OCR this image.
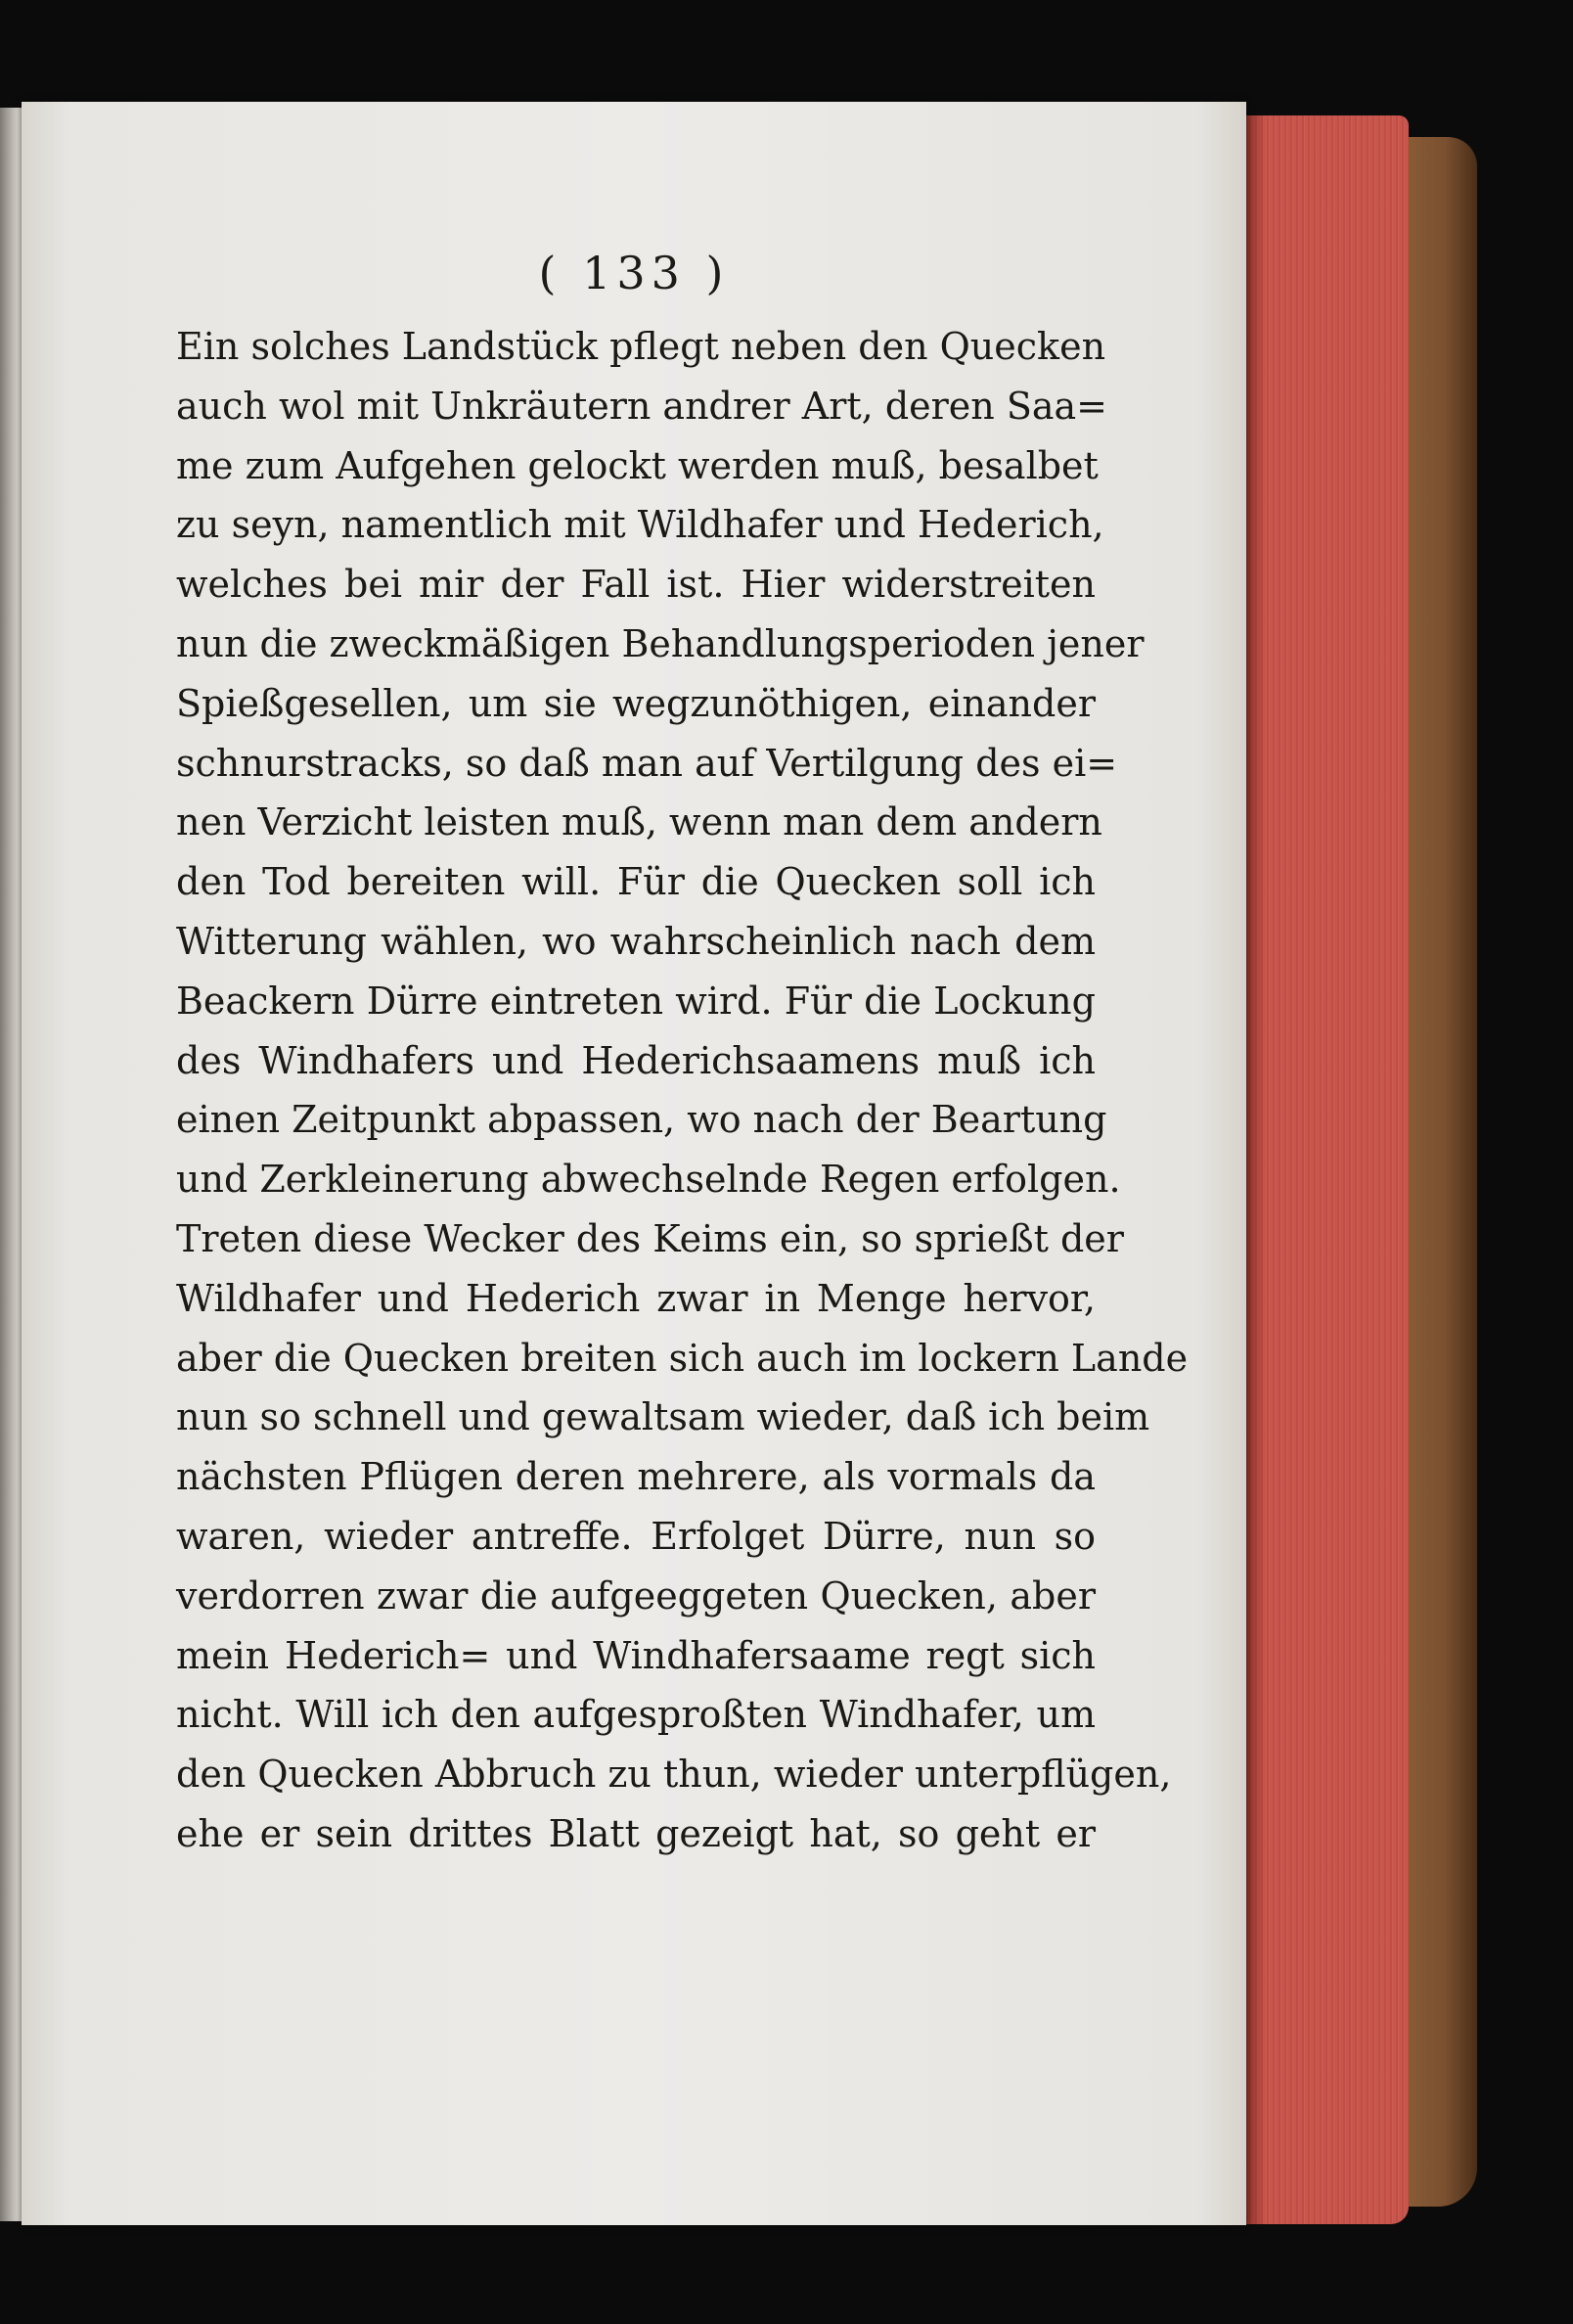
( 133 )
Ein solches Landstück pflegt neben den Quecken
auch wol mit Unkräutern andrer Art, deren Saa=
me zum Aufgehen gelockt werden muß, besalbet
zu seyn, namentlich mit Wildhafer und Hederich,
welches bei mir der Fall ist. Hier widerstreiten
nun die zweckmäßigen Behandlungsperioden jener
Spießgesellen, um sie wegzunöthigen, einander
schnurstracks, so daß man auf Vertilgung des ei=
nen Verzicht leisten muß, wenn man dem andern
den Tod bereiten will. Für die Quecken soll ich
Witterung wählen, wo wahrscheinlich nach dem
Beackern Dürre eintreten wird. Für die Lockung
des Windhafers und Hederichsaamens muß ich
einen Zeitpunkt abpassen, wo nach der Beartung
und Zerkleinerung abwechselnde Regen erfolgen.
Treten diese Wecker des Keims ein, so sprießt der
Wildhafer und Hederich zwar in Menge hervor,
aber die Quecken breiten sich auch im lockern Lande
nun so schnell und gewaltsam wieder, daß ich beim
nächsten Pflügen deren mehrere, als vormals da
waren, wieder antreffe. Erfolget Dürre, nun so
verdorren zwar die aufgeeggeten Quecken, aber
mein Hederich= und Windhafersaame regt sich
nicht. Will ich den aufgesproßten Windhafer, um
den Quecken Abbruch zu thun, wieder unterpflügen,
ehe er sein drittes Blatt gezeigt hat, so geht er
